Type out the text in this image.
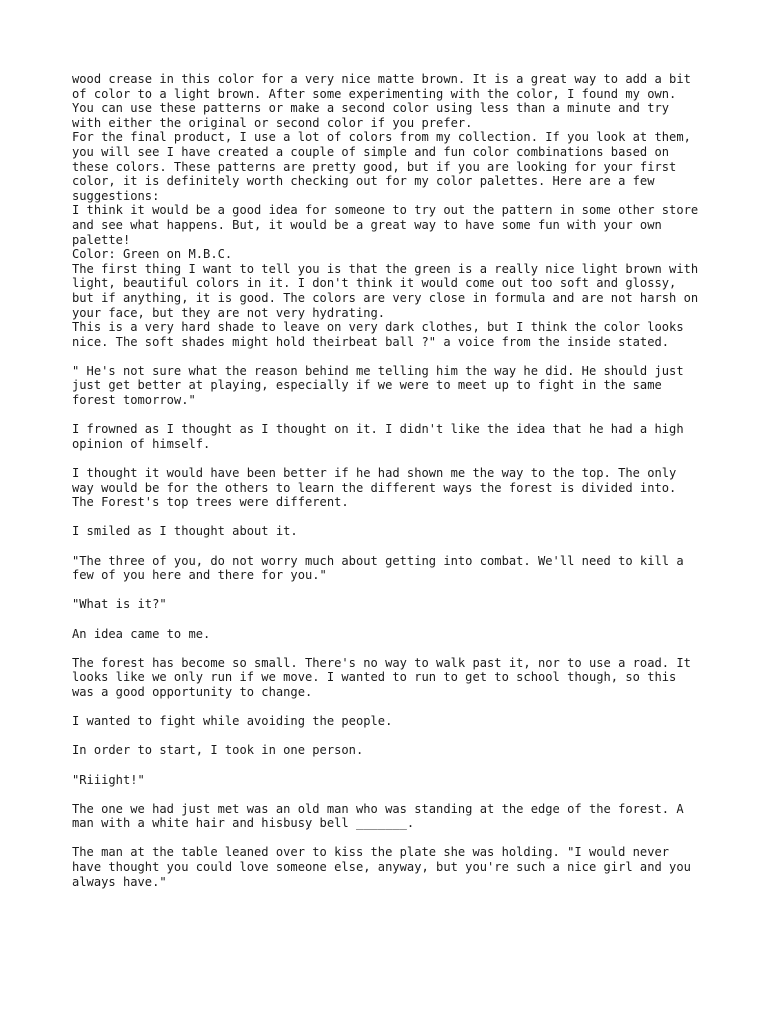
wood crease in this color for a very nice matte brown. It is a great way to add a bit of color to a light brown. After some experimenting with the color, I found my own.

You can use these patterns or make a second color using less than a minute and try with either the original or second color if you prefer.

For the final product, I use a lot of colors from my collection. If you look at them, you will see I have created a couple of simple and fun color combinations based on these colors. These patterns are pretty good, but if you are looking for your first color, it is definitely worth checking out for my color palettes. Here are a few suggestions:

I think it would be a good idea for someone to try out the pattern in some other store and see what happens. But, it would be a great way to have some fun with your own palette!

Color: Green on M.B.C.

The first thing I want to tell you is that the green is a really nice light brown with light, beautiful colors in it. I don't think it would come out too soft and glossy, but if anything, it is good. The colors are very close in formula and are not harsh on your face, but they are not very hydrating.

This is a very hard shade to leave on very dark clothes, but I think the color looks nice. The soft shades might hold theirbeat ball ?" a voice from the inside stated.

" He's not sure what the reason behind me telling him the way he did. He should just just get better at playing, especially if we were to meet up to fight in the same forest tomorrow."

I frowned as I thought as I thought on it. I didn't like the idea that he had a high opinion of himself.

I thought it would have been better if he had shown me the way to the top. The only way would be for the others to learn the different ways the forest is divided into. The Forest's top trees were different.

I smiled as I thought about it.

"The three of you, do not worry much about getting into combat. We'll need to kill a few of you here and there for you."

"What is it?"

An idea came to me.

The forest has become so small. There's no way to walk past it, nor to use a road. It looks like we only run if we move. I wanted to run to get to school though, so this was a good opportunity to change.

I wanted to fight while avoiding the people.

In order to start, I took in one person.

"Riiight!"

The one we had just met was an old man who was standing at the edge of the forest. A man with a white hair and hisbusy bell _______.

The man at the table leaned over to kiss the plate she was holding. "I would never have thought you could love someone else, anyway, but you're such a nice girl and you always have."
